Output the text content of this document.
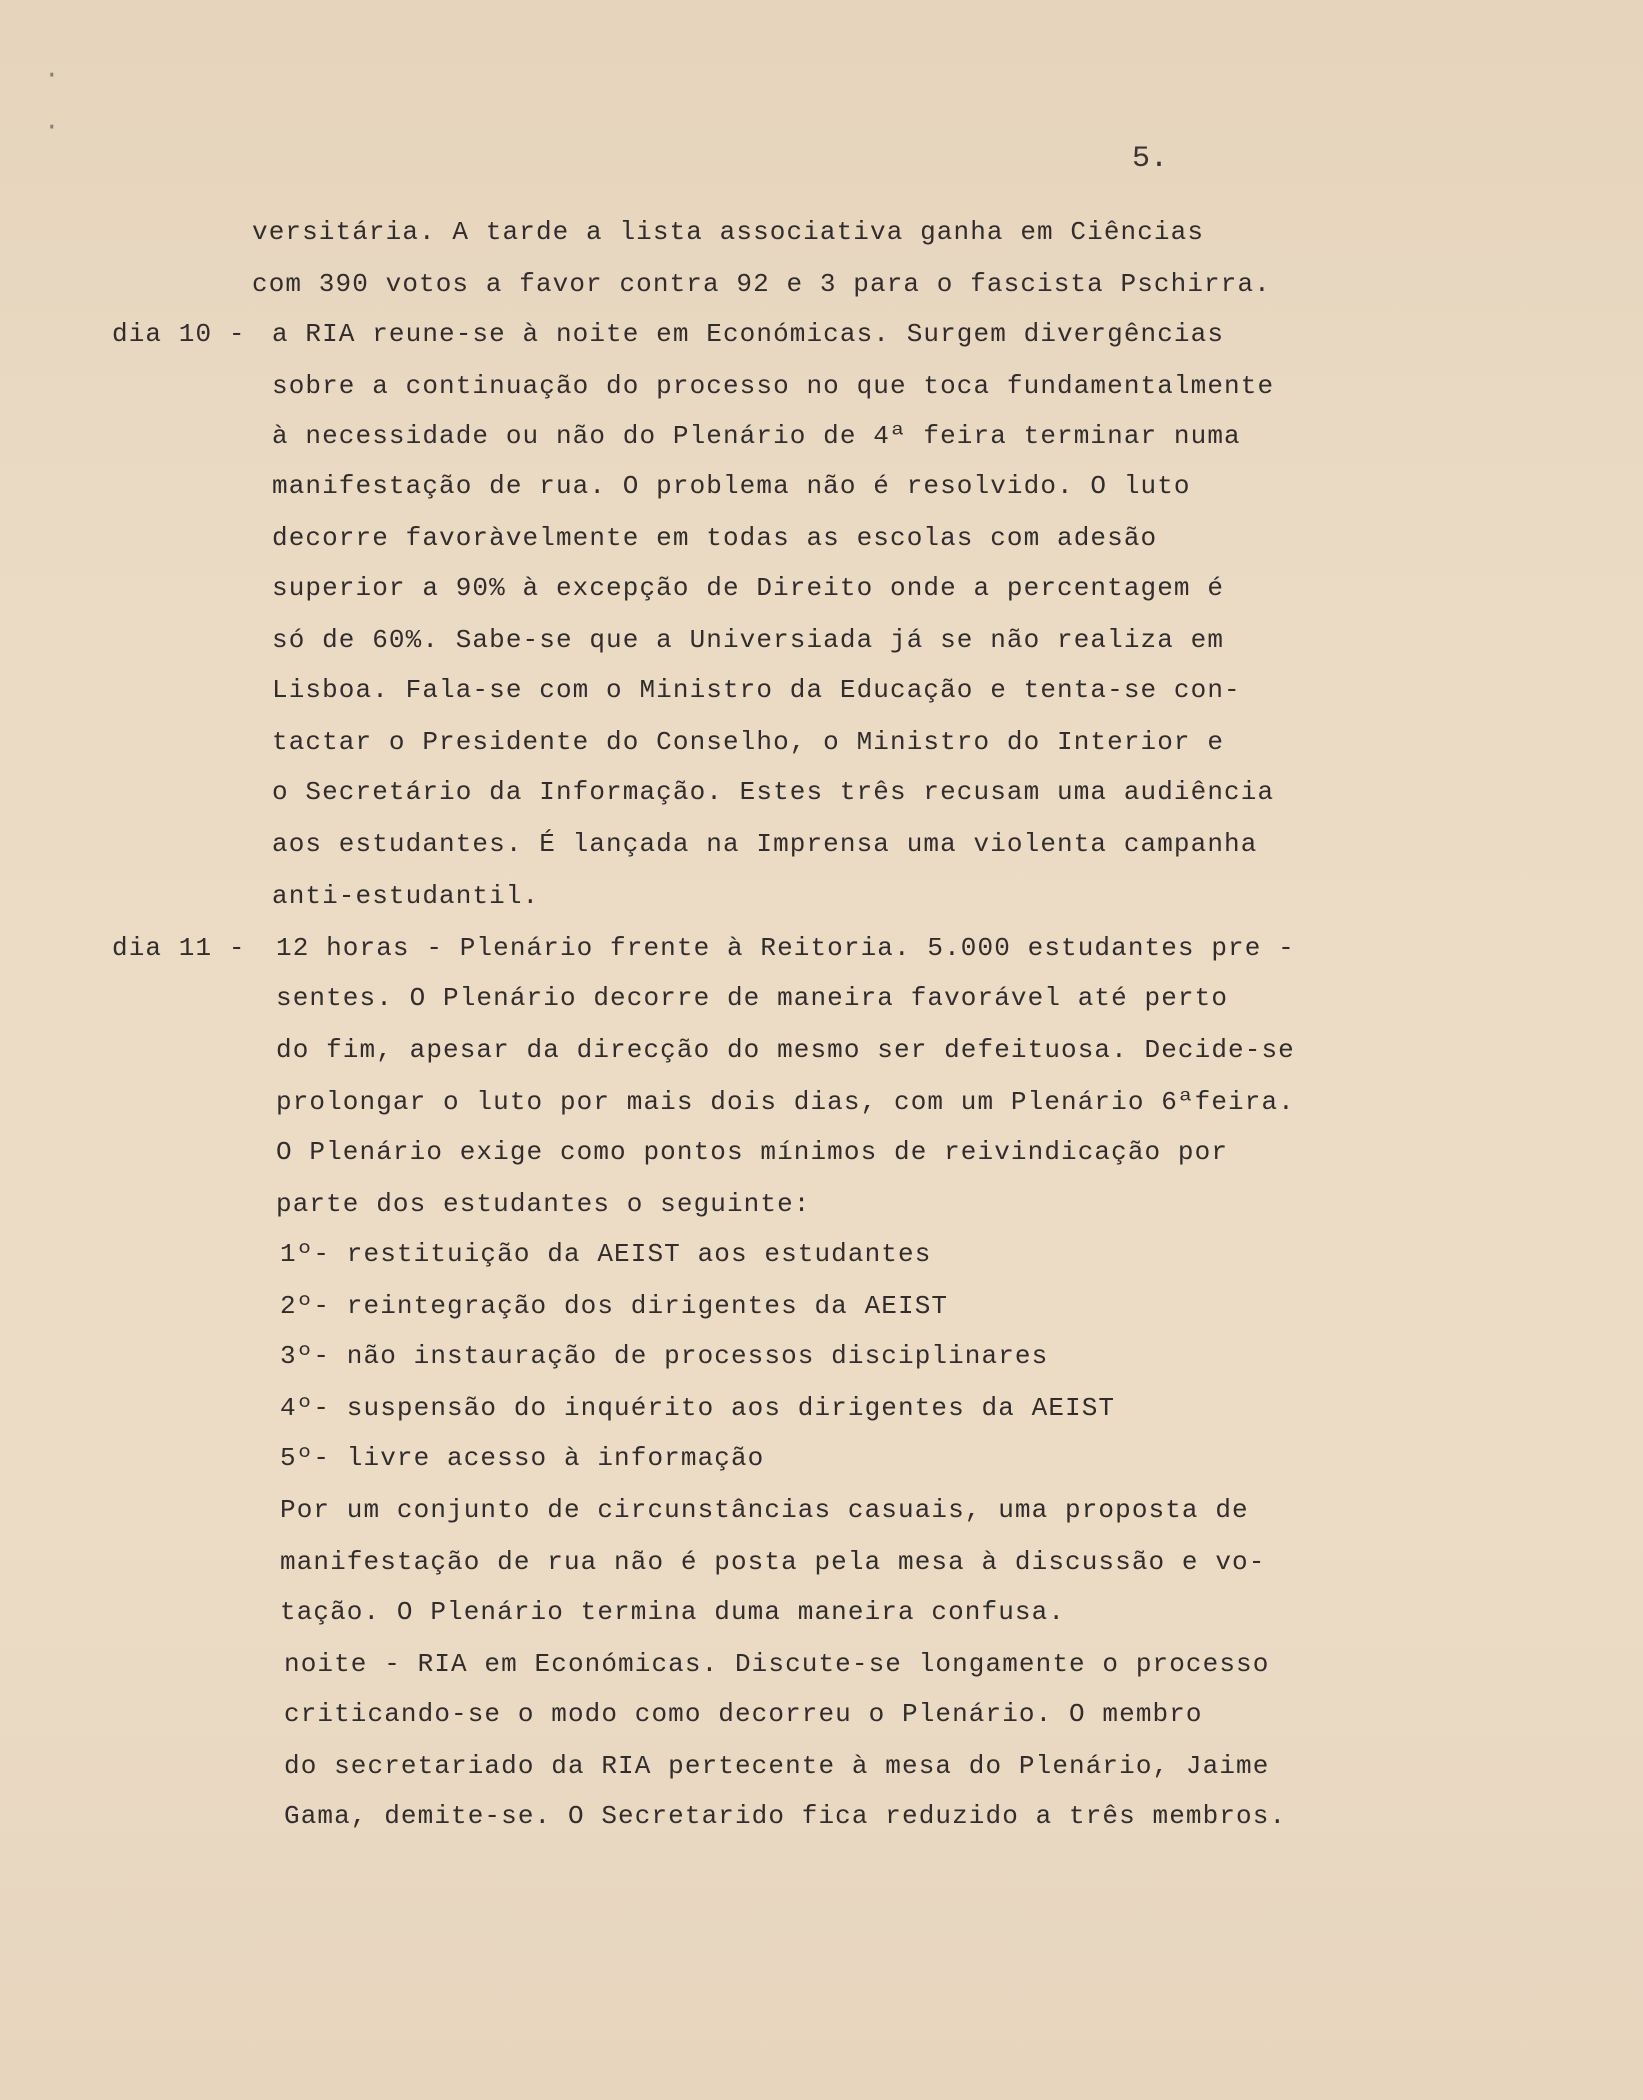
·
·
5.
versitária. A tarde a lista associativa ganha em Ciências
com 390 votos a favor contra 92 e 3 para o fascista Pschirra.
dia 10 - a RIA reune-se à noite em Económicas. Surgem divergências
sobre a continuação do processo no que toca fundamentalmente
à necessidade ou não do Plenário de 4ª feira terminar numa
manifestação de rua. O problema não é resolvido. O luto
decorre favoràvelmente em todas as escolas com adesão
superior a 90% à excepção de Direito onde a percentagem é
só de 60%. Sabe-se que a Universiada já se não realiza em
Lisboa. Fala-se com o Ministro da Educação e tenta-se con-
tactar o Presidente do Conselho, o Ministro do Interior e
o Secretário da Informação. Estes três recusam uma audiência
aos estudantes. É lançada na Imprensa uma violenta campanha
anti-estudantil.
dia 11 - 12 horas - Plenário frente à Reitoria. 5.000 estudantes pre -
sentes. O Plenário decorre de maneira favorável até perto
do fim, apesar da direcção do mesmo ser defeituosa. Decide-se
prolongar o luto por mais dois dias, com um Plenário 6ªfeira.
O Plenário exige como pontos mínimos de reivindicação por
parte dos estudantes o seguinte:
1º- restituição da AEIST aos estudantes
2º- reintegração dos dirigentes da AEIST
3º- não instauração de processos disciplinares
4º- suspensão do inquérito aos dirigentes da AEIST
5º- livre acesso à informação
Por um conjunto de circunstâncias casuais, uma proposta de
manifestação de rua não é posta pela mesa à discussão e vo-
tação. O Plenário termina duma maneira confusa.
noite - RIA em Económicas. Discute-se longamente o processo
criticando-se o modo como decorreu o Plenário. O membro
do secretariado da RIA pertecente à mesa do Plenário, Jaime
Gama, demite-se. O Secretarido fica reduzido a três membros.
